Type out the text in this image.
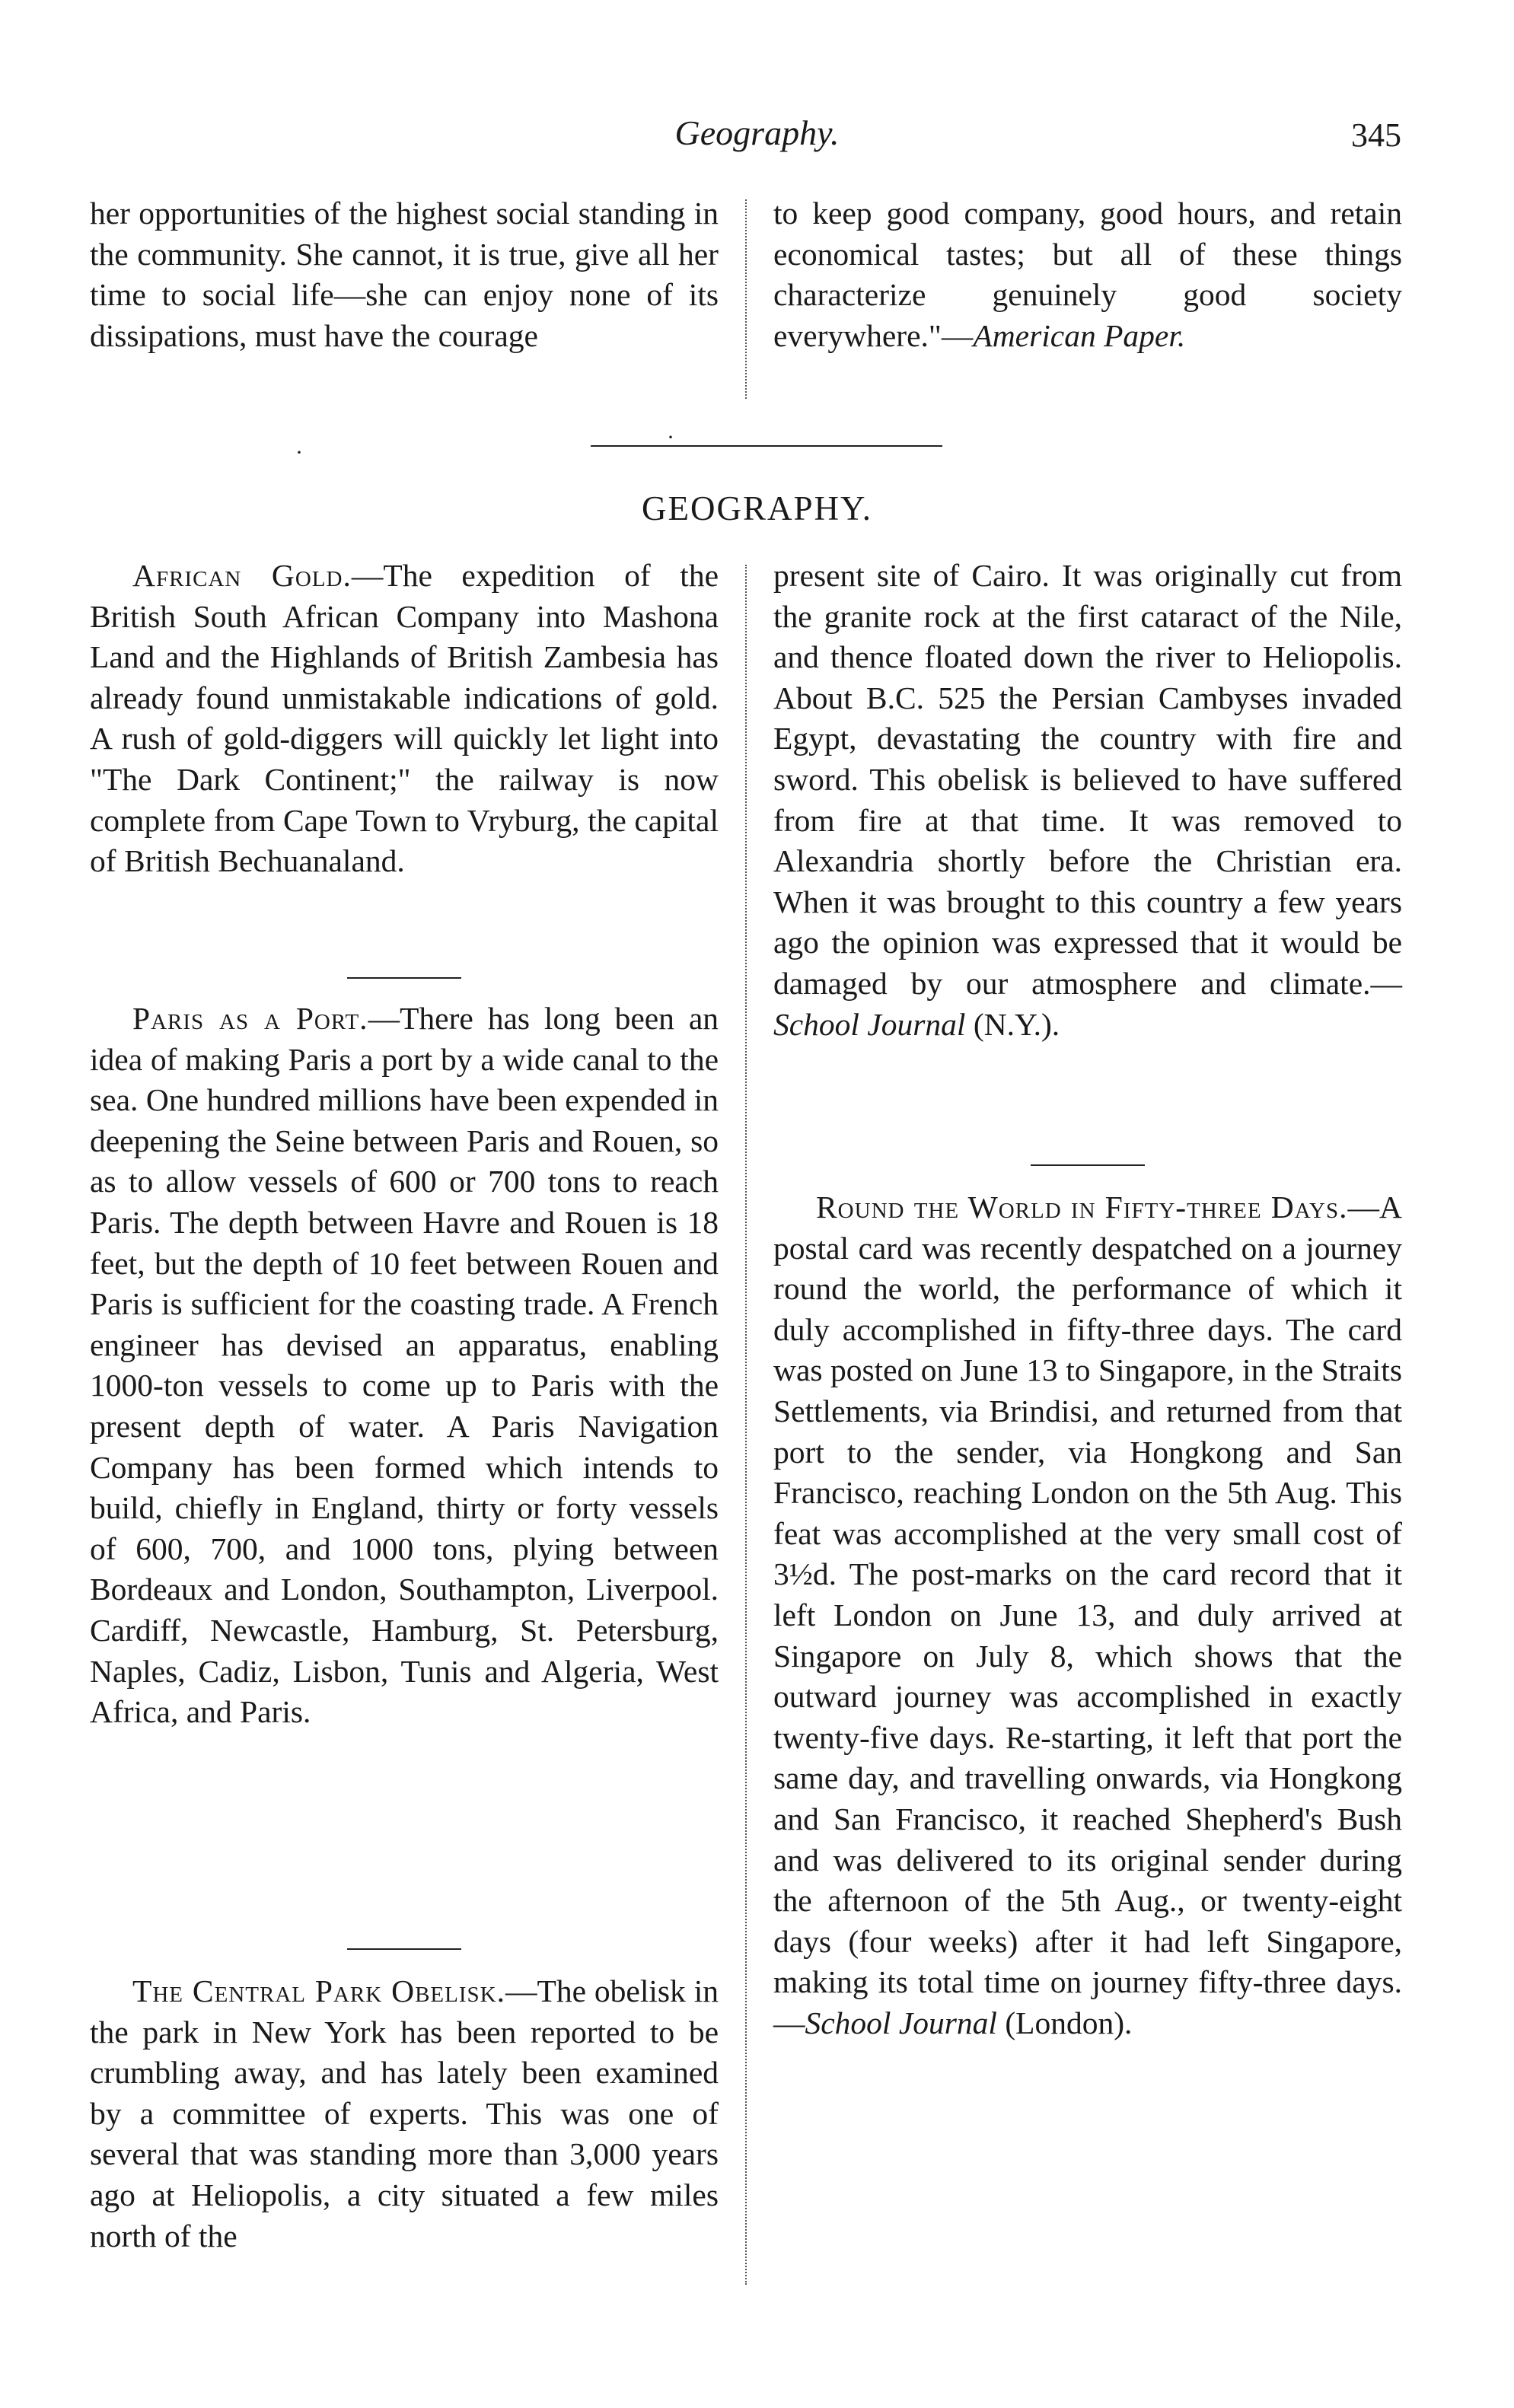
Geography.	345

her opportunities of the highest social standing in the community. She cannot, it is true, give all her time to social life—she can enjoy none of its dissipations, must have the courage

to keep good company, good hours, and retain economical tastes; but all of these things characterize genuinely good society everywhere."—American Paper.

·
·
GEOGRAPHY.

African Gold.—The expedition of the British South African Company into Mashona Land and the Highlands of British Zambesia has already found unmistakable indications of gold. A rush of gold-diggers will quickly let light into "The Dark Continent;" the railway is now complete from Cape Town to Vryburg, the capital of British Bechuanaland.

Paris as a Port.—There has long been an idea of making Paris a port by a wide canal to the sea. One hundred millions have been expended in deepening the Seine between Paris and Rouen, so as to allow vessels of 600 or 700 tons to reach Paris. The depth between Havre and Rouen is 18 feet, but the depth of 10 feet between Rouen and Paris is sufficient for the coasting trade. A French engineer has devised an apparatus, enabling 1000-ton vessels to come up to Paris with the present depth of water. A Paris Navigation Company has been formed which intends to build, chiefly in England, thirty or forty vessels of 600, 700, and 1000 tons, plying between Bordeaux and London, Southampton, Liverpool. Cardiff, Newcastle, Hamburg, St. Petersburg, Naples, Cadiz, Lisbon, Tunis and Algeria, West Africa, and Paris.

The Central Park Obelisk.—The obelisk in the park in New York has been reported to be crumbling away, and has lately been examined by a committee of experts. This was one of several that was standing more than 3,000 years ago at Heliopolis, a city situated a few miles north of the

present site of Cairo. It was originally cut from the granite rock at the first cataract of the Nile, and thence floated down the river to Heliopolis. About B.C. 525 the Persian Cambyses invaded Egypt, devastating the country with fire and sword. This obelisk is believed to have suffered from fire at that time. It was removed to Alexandria shortly before the Christian era. When it was brought to this country a few years ago the opinion was expressed that it would be damaged by our atmosphere and climate.—School Journal (N.Y.).

Round the World in Fifty-three Days.—A postal card was recently despatched on a journey round the world, the performance of which it duly accomplished in fifty-three days. The card was posted on June 13 to Singapore, in the Straits Settlements, via Brindisi, and returned from that port to the sender, via Hongkong and San Francisco, reaching London on the 5th Aug. This feat was accomplished at the very small cost of 3½d. The post-marks on the card record that it left London on June 13, and duly arrived at Singapore on July 8, which shows that the outward journey was accomplished in exactly twenty-five days. Re-starting, it left that port the same day, and travelling onwards, via Hongkong and San Francisco, it reached Shepherd's Bush and was delivered to its original sender during the afternoon of the 5th Aug., or twenty-eight days (four weeks) after it had left Singapore, making its total time on journey fifty-three days.—School Journal (London).
